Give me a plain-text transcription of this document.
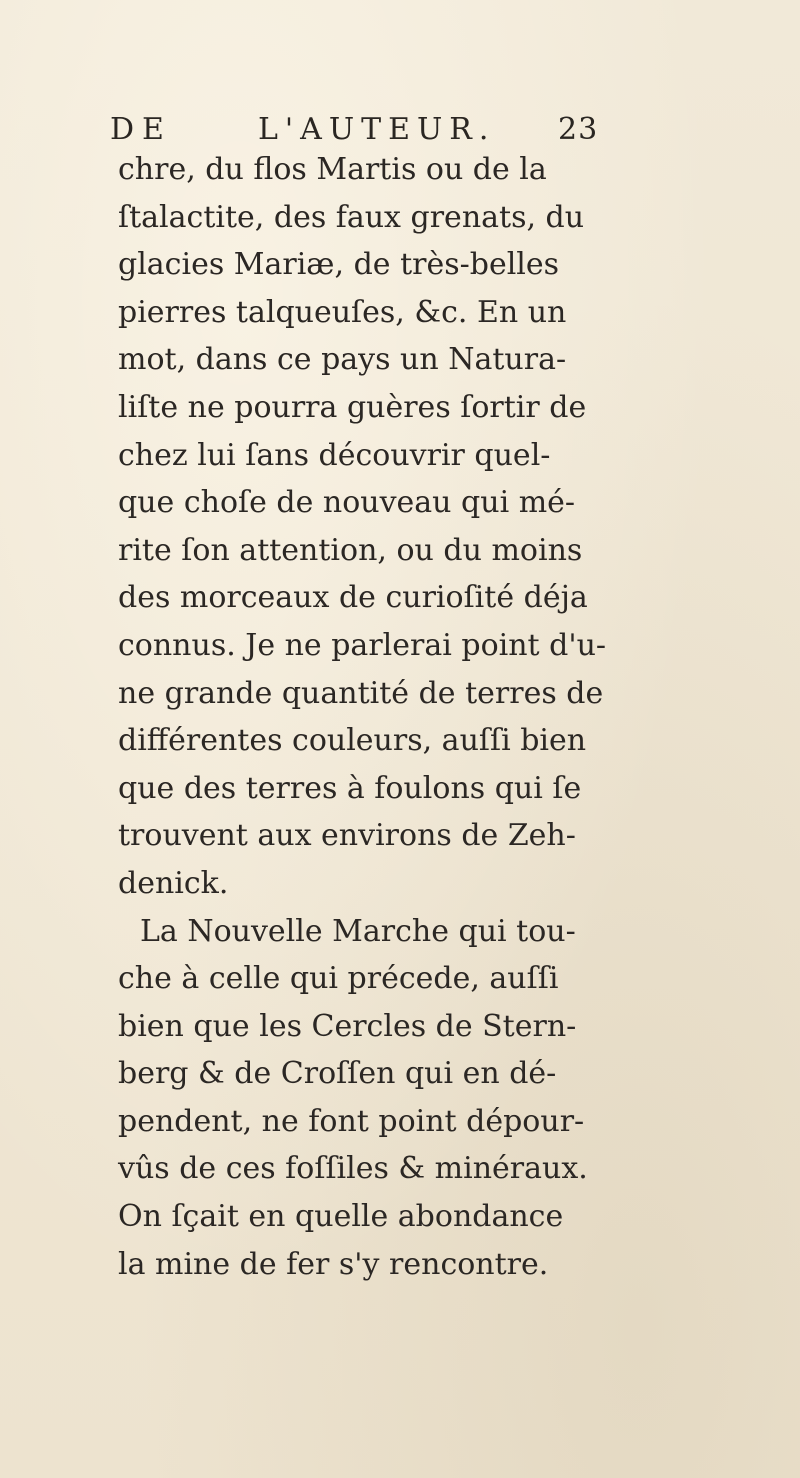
DE	L'AUTEUR. 23
chre, du flos Martis ou de la
ſtalactite, des faux grenats, du
glacies Mariæ, de très-belles
pierres talqueuſes, &c. En un
mot, dans ce pays un Natura-
liſte ne pourra guères ſortir de
chez lui ſans découvrir quel-
que choſe de nouveau qui mé-
rite ſon attention, ou du moins
des morceaux de curioſité déja
connus. Je ne parlerai point d'u-
ne grande quantité de terres de
différentes couleurs, auſſi bien
que des terres à foulons qui ſe
trouvent aux environs de Zeh-
denick.
La Nouvelle Marche qui tou-
che à celle qui précede, auſſi
bien que les Cercles de Stern-
berg & de Croſſen qui en dé-
pendent, ne font point dépour-
vûs de ces foſſiles & minéraux.
On ſçait en quelle abondance
la mine de fer s'y rencontre.
